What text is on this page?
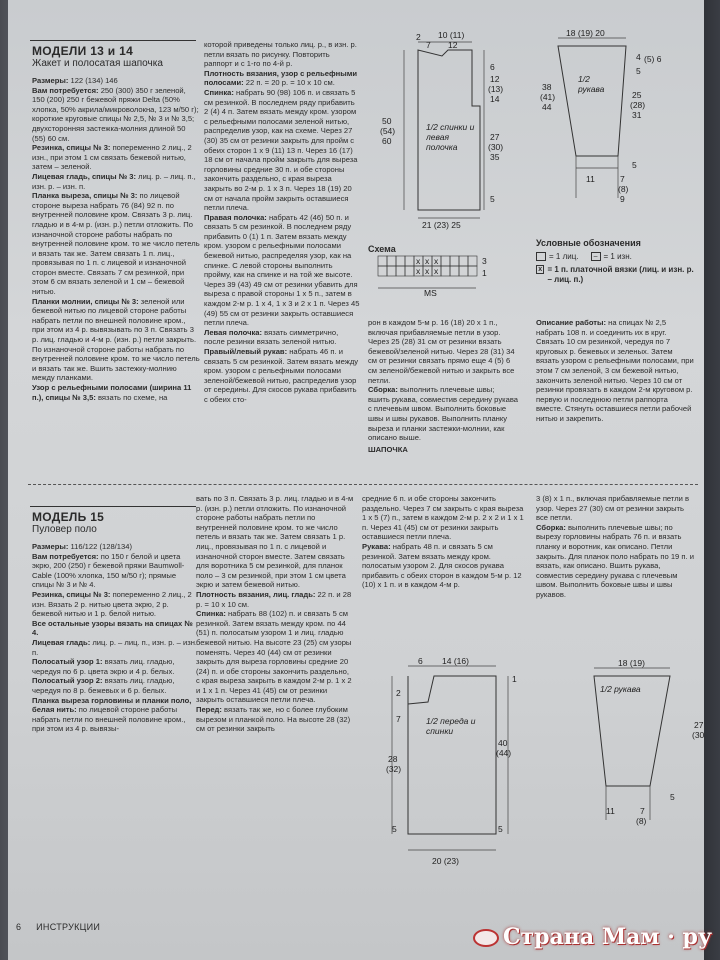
МОДЕЛИ 13 и 14
Жакет и полосатая шапочка

Размеры: 122 (134) 146

Вам потребуется: 250 (300) 350 г зеленой, 150 (200) 250 г бежевой пряжи Delta (50% хлопка, 50% акрила/микроволокна, 123 м/50 г); короткие круговые спицы № 2,5, № 3 и № 3,5; двухсторонняя застежка-молния длиной 50 (55) 60 см.

Резинка, спицы № 3: попеременно 2 лиц., 2 изн., при этом 1 см связать бежевой нитью, затем – зеленой.

Лицевая гладь, спицы № 3: лиц. р. – лиц. п., изн. р. – изн. п.

Планка выреза, спицы № 3: по лицевой стороне выреза набрать 76 (84) 92 п. по внутренней половине кром. Связать 3 р. лиц. гладью и в 4-м р. (изн. р.) петли отложить. По изнаночной стороне работы набрать по внутренней половине кром. то же число петель и вязать так же. Затем связать 1 п. лиц., провязывая по 1 п. с лицевой и изнаночной сторон вместе. Связать 7 см резинкой, при этом 6 см вязать зеленой и 1 см – бежевой нитью.

Планки молнии, спицы № 3: зеленой или бежевой нитью по лицевой стороне работы набрать петли по внешней половине кром., при этом из 4 р. вывязывать по 3 п. Связать 3 р. лиц. гладью и 4-м р. (изн. р.) петли закрыть. По изнаночной стороне работы набрать по внутренней половине кром. то же число петель и вязать так же. Вшить застежку-молнию между планками.

Узор с рельефными полосами (ширина 11 п.), спицы № 3,5: вязать по схеме, на

которой приведены только лиц. р., в изн. р. петли вязать по рисунку. Повторить раппорт и с 1-го по 4-й р.

Плотность вязания, узор с рельефными полосами: 22 п. = 20 р. = 10 х 10 см.

Спинка: набрать 90 (98) 106 п. и связать 5 см резинкой. В последнем ряду прибавить 2 (4) 4 п. Затем вязать между кром. узором с рельефными полосами зеленой нитью, распределив узор, как на схеме. Через 27 (30) 35 см от резинки закрыть для пройм с обеих сторон 1 х 9 (11) 13 п. Через 16 (17) 18 см от начала пройм закрыть для выреза горловины средние 30 п. и обе стороны закончить раздельно, с края выреза закрыть во 2-м р. 1 х 3 п. Через 18 (19) 20 см от начала пройм закрыть оставшиеся петли плеча.

Правая полочка: набрать 42 (46) 50 п. и связать 5 см резинкой. В последнем ряду прибавить 0 (1) 1 п. Затем вязать между кром. узором с рельефными полосами бежевой нитью, распределяя узор, как на спинке. С левой стороны выполнить пройму, как на спинке и на той же высоте. Через 39 (43) 49 см от резинки убавить для выреза с правой стороны 1 х 5 п., затем в каждом 2-м р. 1 х 4, 1 х 3 и 2 х 1 п. Через 45 (49) 55 см от резинки закрыть оставшиеся петли плеча.

Левая полочка: вязать симметрично, после резинки вязать зеленой нитью.

Правый/левый рукав: набрать 46 п. и связать 5 см резинкой. Затем вязать между кром. узором с рельефными полосами зеленой/бежевой нитью, распределив узор от середины. Для скосов рукава прибавить с обеих сто-

рон в каждом 5-м р. 16 (18) 20 х 1 п., включая прибавляемые петли в узор. Через 25 (28) 31 см от резинки вязать бежевой/зеленой нитью. Через 28 (31) 34 см от резинки связать прямо еще 4 (5) 6 см зеленой/бежевой нитью и закрыть все петли.

Сборка: выполнить плечевые швы; вшить рукава, совместив середину рукава с плечевым швом. Выполнить боковые швы и швы рукавов. Выполнить планку выреза и планки застежки-молнии, как описано выше.

ШАПОЧКА

Описание работы: на спицах № 2,5 набрать 108 п. и соединить их в круг. Связать 10 см резинкой, чередуя по 7 круговых р. бежевых и зеленых. Затем вязать узором с рельефными полосами, при этом 7 см зеленой, 3 см бежевой нитью, закончить зеленой нитью. Через 10 см от резинки провязать в каждом 2-м круговом р. первую и последнюю петли раппорта вместе. Стянуть оставшиеся петли рабочей нитью и закрепить.

2
7
10 (11)
12
6
12
(13)
14
50
(54)
60	27
(30)
35
5
21 (23) 25
1/2 спинки и левая полочка
18 (19) 20
4 (5) 6
5
38
(41)
44
25
(28)
31
11	7
(8)
9
5
1/2 рукава
Схема
x x x
x x x
3
1
MS
Условные обозначения
= 1 лиц.	– = 1 изн.
x = 1 п. платочной вязки (лиц. и изн. р. – лиц. п.)
МОДЕЛЬ 15
Пуловер поло

Размеры: 116/122 (128/134)

Вам потребуется: по 150 г белой и цвета экрю, 200 (250) г бежевой пряжи Baumwoll-Cable (100% хлопка, 150 м/50 г); прямые спицы № 3 и № 4.

Резинка, спицы № 3: попеременно 2 лиц., 2 изн. Вязать 2 р. нитью цвета экрю, 2 р. бежевой нитью и 1 р. белой нитью.

Все остальные узоры вязать на спицах № 4.

Лицевая гладь: лиц. р. – лиц. п., изн. р. – изн. п.

Полосатый узор 1: вязать лиц. гладью, чередуя по 6 р. цвета экрю и 4 р. белых.

Полосатый узор 2: вязать лиц. гладью, чередуя по 8 р. бежевых и 6 р. белых.

Планка выреза горловины и планки поло, белая нить: по лицевой стороне работы набрать петли по внешней половине кром., при этом из 4 р. вывязы-

вать по 3 п. Связать 3 р. лиц. гладью и в 4-м р. (изн. р.) петли отложить. По изнаночной стороне работы набрать петли по внутренней половине кром. то же число петель и вязать так же. Затем связать 1 р. лиц., провязывая по 1 п. с лицевой и изнаночной сторон вместе. Затем связать для воротника 5 см резинкой, для планок поло – 3 см резинкой, при этом 1 см цвета экрю и затем бежевой нитью.

Плотность вязания, лиц. гладь: 22 п. и 28 р. = 10 х 10 см.

Спинка: набрать 88 (102) п. и связать 5 см резинкой. Затем вязать между кром. по 44 (51) п. полосатым узором 1 и лиц. гладью бежевой нитью. На высоте 23 (25) см узоры поменять. Через 40 (44) см от резинки закрыть для выреза горловины средние 20 (24) п. и обе стороны закончить раздельно, с края выреза закрыть в каждом 2-м р. 1 х 2 и 1 х 1 п. Через 41 (45) см от резинки закрыть оставшиеся петли плеча.

Перед: вязать так же, но с более глубоким вырезом и планкой поло. На высоте 28 (32) см от резинки закрыть

средние 6 п. и обе стороны закончить раздельно. Через 7 см закрыть с края выреза 1 х 5 (7) п., затем в каждом 2-м р. 2 х 2 и 1 х 1 п. Через 41 (45) см от резинки закрыть оставшиеся петли плеча.

Рукава: набрать 48 п. и связать 5 см резинкой. Затем вязать между кром. полосатым узором 2. Для скосов рукава прибавить с обеих сторон в каждом 5-м р. 12 (10) х 1 п. и в каждом 4-м р.

3 (8) х 1 п., включая прибавляемые петли в узор. Через 27 (30) см от резинки закрыть все петли.

Сборка: выполнить плечевые швы; по вырезу горловины набрать 76 п. и вязать планку и воротник, как описано. Петли закрыть. Для планок поло набрать по 19 п. и вязать, как описано. Вшить рукава, совместив середину рукава с плечевым швом. Выполнить боковые швы и швы рукавов.

6 14 (16)
1
2
7
28
(32)
40
(44)
5	5
20 (23)
1/2 переда и спинки
18 (19)
27
(30)
11	7
(8)
5
1/2 рукава
6 ИНСТРУКЦИИ	Страна Мам · ру
